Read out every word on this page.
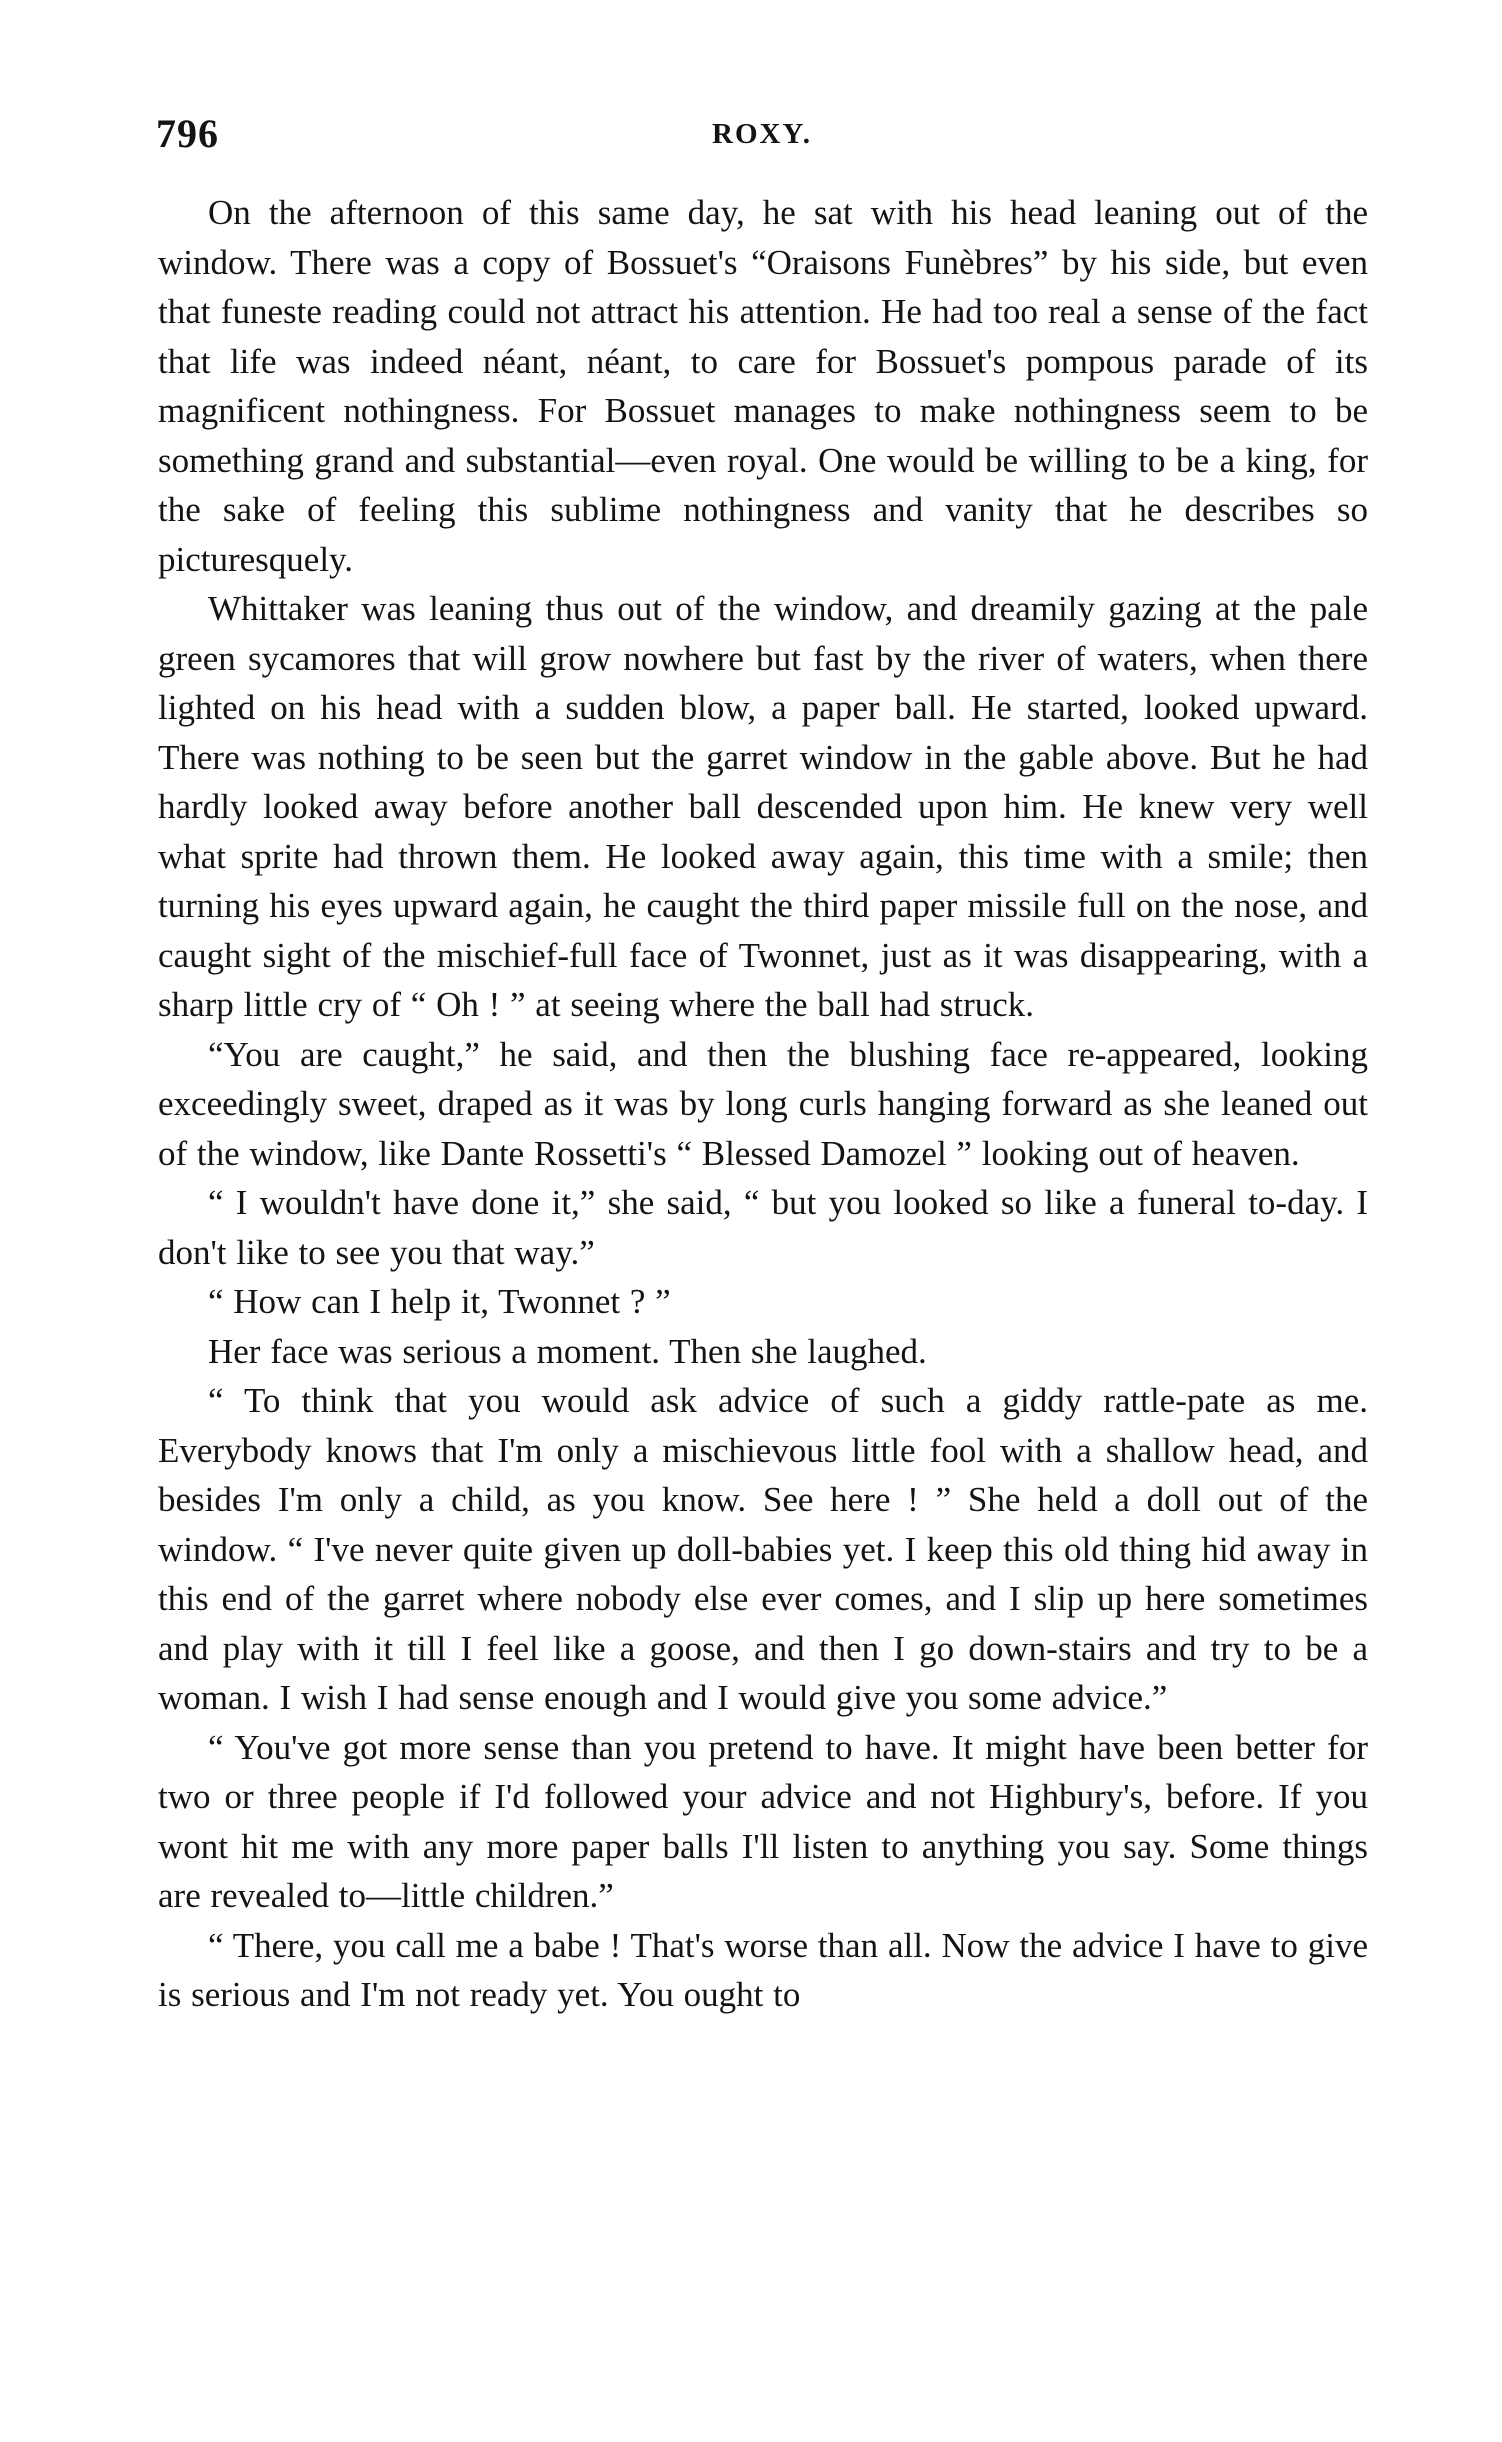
796	ROXY.

On the afternoon of this same day, he sat with his head leaning out of the window. There was a copy of Bossuet's “Oraisons Funèbres” by his side, but even that funeste reading could not attract his attention. He had too real a sense of the fact that life was indeed néant, néant, to care for Bossuet's pompous parade of its magnificent nothingness. For Bossuet manages to make nothingness seem to be something grand and substantial—even royal. One would be willing to be a king, for the sake of feeling this sublime nothingness and vanity that he describes so picturesquely.

Whittaker was leaning thus out of the window, and dreamily gazing at the pale green sycamores that will grow nowhere but fast by the river of waters, when there lighted on his head with a sudden blow, a paper ball. He started, looked upward. There was nothing to be seen but the garret window in the gable above. But he had hardly looked away before another ball descended upon him. He knew very well what sprite had thrown them. He looked away again, this time with a smile; then turning his eyes upward again, he caught the third paper missile full on the nose, and caught sight of the mischief-full face of Twonnet, just as it was disappearing, with a sharp little cry of “ Oh ! ” at seeing where the ball had struck.

“You are caught,” he said, and then the blushing face re-appeared, looking exceedingly sweet, draped as it was by long curls hanging forward as she leaned out of the window, like Dante Rossetti's “ Blessed Damozel ” looking out of heaven.

“ I wouldn't have done it,” she said, “ but you looked so like a funeral to-day. I don't like to see you that way.”

“ How can I help it, Twonnet ? ”

Her face was serious a moment. Then she laughed.

“ To think that you would ask advice of such a giddy rattle-pate as me. Everybody knows that I'm only a mischievous little fool with a shallow head, and besides I'm only a child, as you know. See here ! ” She held a doll out of the window. “ I've never quite given up doll-babies yet. I keep this old thing hid away in this end of the garret where nobody else ever comes, and I slip up here sometimes and play with it till I feel like a goose, and then I go down-stairs and try to be a woman. I wish I had sense enough and I would give you some advice.”

“ You've got more sense than you pretend to have. It might have been better for two or three people if I'd followed your advice and not Highbury's, before. If you wont hit me with any more paper balls I'll listen to anything you say. Some things are revealed to—little children.”

“ There, you call me a babe ! That's worse than all. Now the advice I have to give is serious and I'm not ready yet. You ought to
